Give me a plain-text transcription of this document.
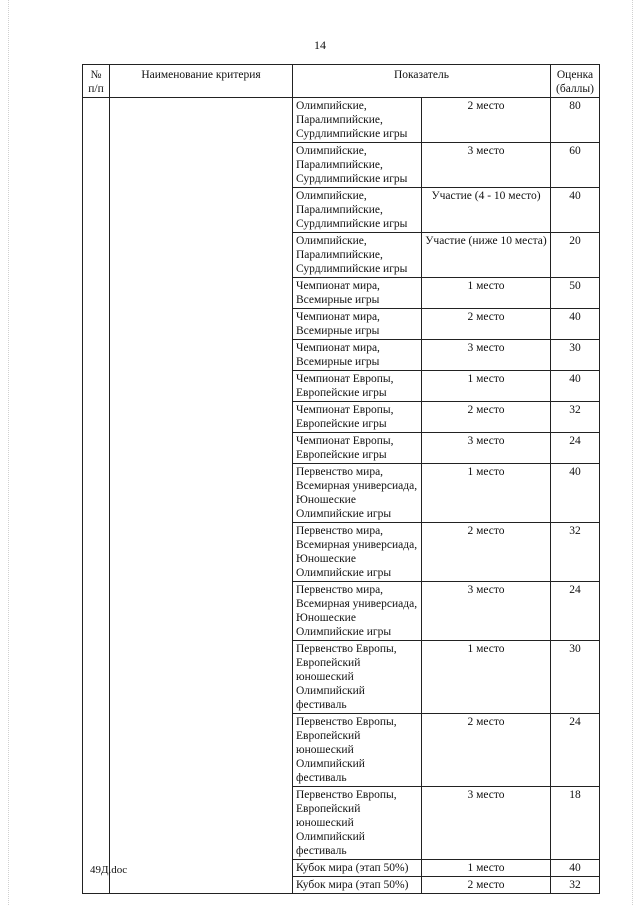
14
№ п/п	Наименование критерия	Показатель		Оценка (баллы)
		Олимпийские, Паралимпийские, Сурдлимпийские игры	2 место	80
		Олимпийские, Паралимпийские, Сурдлимпийские игры	3 место	60
		Олимпийские, Паралимпийские, Сурдлимпийские игры	Участие (4 - 10 место)	40
		Олимпийские, Паралимпийские, Сурдлимпийские игры	Участие (ниже 10 места)	20
		Чемпионат мира, Всемирные игры	1 место	50
		Чемпионат мира, Всемирные игры	2 место	40
		Чемпионат мира, Всемирные игры	3 место	30
		Чемпионат Европы, Европейские игры	1 место	40
		Чемпионат Европы, Европейские игры	2 место	32
		Чемпионат Европы, Европейские игры	3 место	24
		Первенство мира, Всемирная универсиада, Юношеские Олимпийские игры	1 место	40
		Первенство мира, Всемирная универсиада, Юношеские Олимпийские игры	2 место	32
		Первенство мира, Всемирная универсиада, Юношеские Олимпийские игры	3 место	24
		Первенство Европы, Европейский юношеский Олимпийский фестиваль	1 место	30
		Первенство Европы, Европейский юношеский Олимпийский фестиваль	2 место	24
		Первенство Европы, Европейский юношеский Олимпийский фестиваль	3 место	18
		Кубок мира (этап 50%)	1 место	40
		Кубок мира (этап 50%)	2 место	32
49Д.doc
